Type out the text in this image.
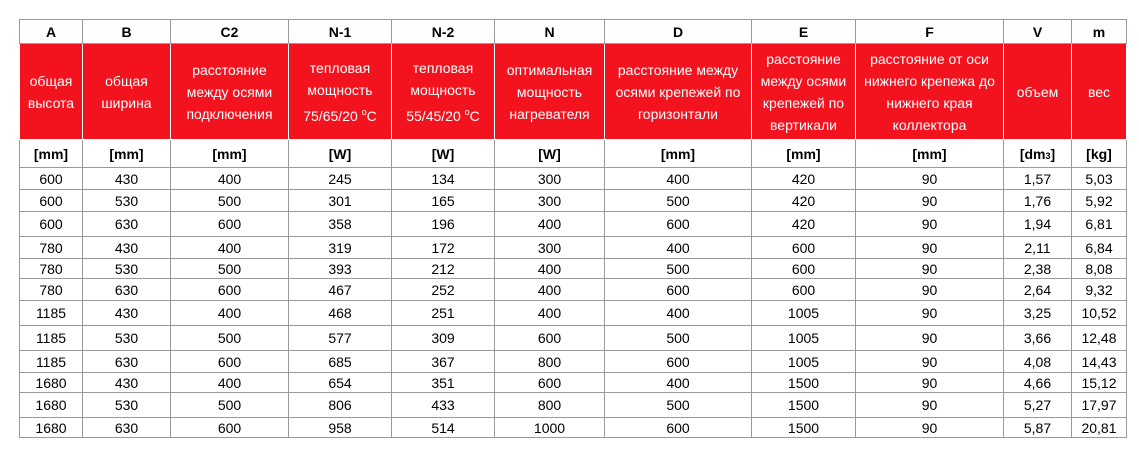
A	B	C2	N-1	N-2	N	D	E	F	V	m
общая высота	общая ширина	расстояние между осями подключения	тепловая мощность 75/65/20 $^o$C	тепловая мощность 55/45/20 $^o$C	оптимальная мощность нагревателя	расстояние между осями крепежей по горизонтали	расстояние между осями крепежей по вертикали	расстояние от оси нижнего крепежа до нижнего края коллектора	объем	вес
[mm]	[mm]	[mm]	[W]	[W]	[W]	[mm]	[mm]	[mm]	[dm3]	[kg]
600	430	400	245	134	300	400	420	90	1,57	5,03
600	530	500	301	165	300	500	420	90	1,76	5,92
600	630	600	358	196	400	600	420	90	1,94	6,81
780	430	400	319	172	300	400	600	90	2,11	6,84
780	530	500	393	212	400	500	600	90	2,38	8,08
780	630	600	467	252	400	600	600	90	2,64	9,32
1185	430	400	468	251	400	400	1005	90	3,25	10,52
1185	530	500	577	309	600	500	1005	90	3,66	12,48
1185	630	600	685	367	800	600	1005	90	4,08	14,43
1680	430	400	654	351	600	400	1500	90	4,66	15,12
1680	530	500	806	433	800	500	1500	90	5,27	17,97
1680	630	600	958	514	1000	600	1500	90	5,87	20,81
